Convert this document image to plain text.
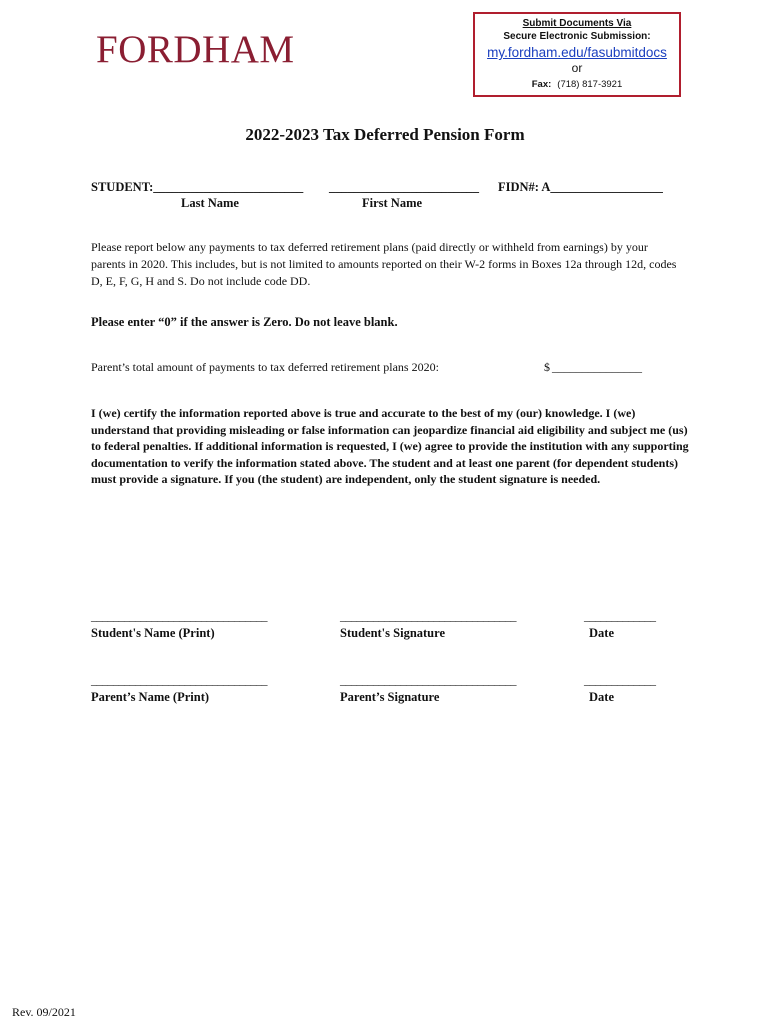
FORDHAM
Submit Documents Via
Secure Electronic Submission:
my.fordham.edu/fasubmitdocs
or
Fax: (718) 817-3921
2022-2023 Tax Deferred Pension Form
STUDENT:________________________ ________________________ FIDN#: A__________________
Last Name	First Name
Please report below any payments to tax deferred retirement plans (paid directly or withheld from earnings) by your parents in 2020. This includes, but is not limited to amounts reported on their W-2 forms in Boxes 12a through 12d, codes D, E, F, G, H and S. Do not include code DD.
Please enter “0” if the answer is Zero. Do not leave blank.
Parent’s total amount of payments to tax deferred retirement plans 2020:	$ _______________
I (we) certify the information reported above is true and accurate to the best of my (our) knowledge. I (we) understand that providing misleading or false information can jeopardize financial aid eligibility and subject me (us) to federal penalties. If additional information is requested, I (we) agree to provide the institution with any supporting documentation to verify the information stated above. The student and at least one parent (for dependent students) must provide a signature. If you (the student) are independent, only the student signature is needed.
________________________________	________________________________	_____________
Student's Name (Print)	Student's Signature	Date
________________________________	________________________________	_____________
Parent’s Name (Print)	Parent’s Signature	Date
Rev. 09/2021
